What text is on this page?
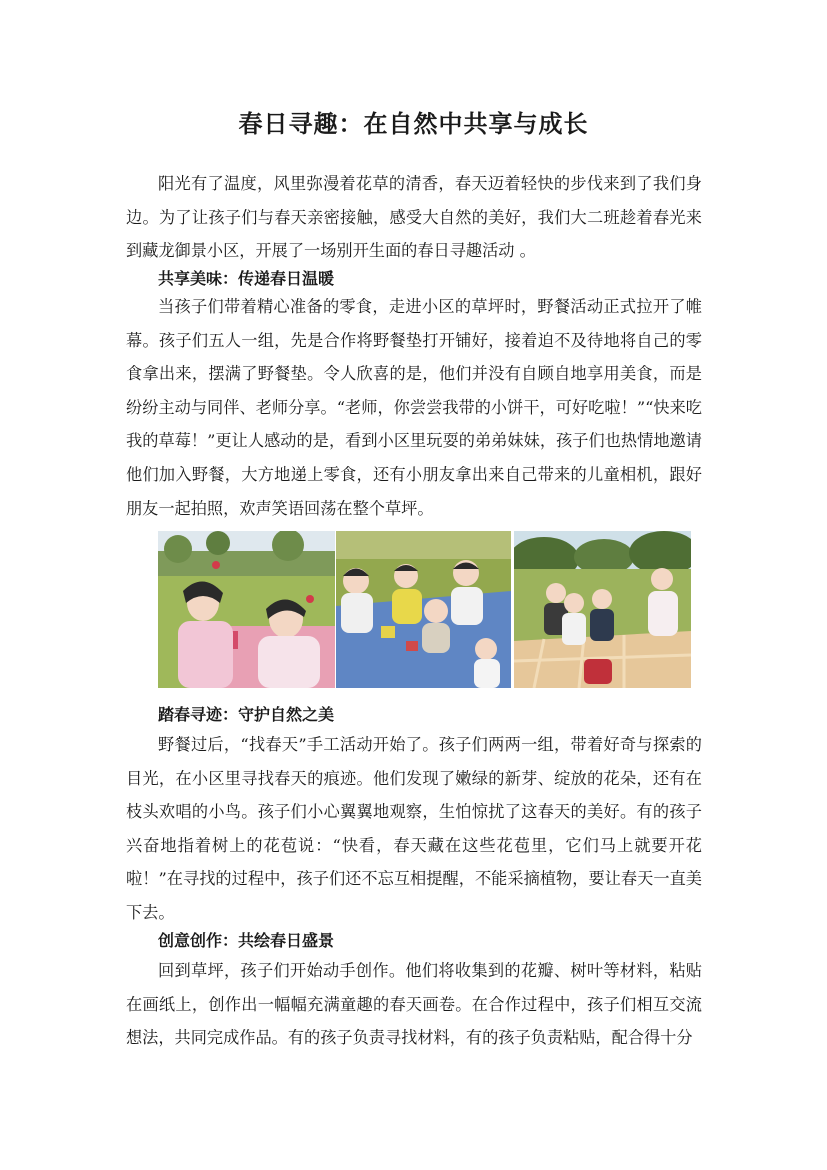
春日寻趣：在自然中共享与成长

阳光有了温度，风里弥漫着花草的清香，春天迈着轻快的步伐来到了我们身边。为了让孩子们与春天亲密接触，感受大自然的美好，我们大二班趁着春光来到藏龙御景小区，开展了一场别开生面的春日寻趣活动 。

共享美味：传递春日温暖

当孩子们带着精心准备的零食，走进小区的草坪时，野餐活动正式拉开了帷幕。孩子们五人一组，先是合作将野餐垫打开铺好，接着迫不及待地将自己的零食拿出来，摆满了野餐垫。令人欣喜的是，他们并没有自顾自地享用美食，而是纷纷主动与同伴、老师分享。“老师，你尝尝我带的小饼干，可好吃啦！”“快来吃我的草莓！”更让人感动的是，看到小区里玩耍的弟弟妹妹，孩子们也热情地邀请他们加入野餐，大方地递上零食，还有小朋友拿出来自己带来的儿童相机，跟好朋友一起拍照，欢声笑语回荡在整个草坪。

踏春寻迹：守护自然之美

野餐过后，“找春天”手工活动开始了。孩子们两两一组，带着好奇与探索的目光，在小区里寻找春天的痕迹。他们发现了嫩绿的新芽、绽放的花朵，还有在枝头欢唱的小鸟。孩子们小心翼翼地观察，生怕惊扰了这春天的美好。有的孩子兴奋地指着树上的花苞说：“快看，春天藏在这些花苞里，它们马上就要开花啦！”在寻找的过程中，孩子们还不忘互相提醒，不能采摘植物，要让春天一直美下去。

创意创作：共绘春日盛景

回到草坪，孩子们开始动手创作。他们将收集到的花瓣、树叶等材料，粘贴在画纸上，创作出一幅幅充满童趣的春天画卷。在合作过程中，孩子们相互交流想法，共同完成作品。有的孩子负责寻找材料，有的孩子负责粘贴，配合得十分
